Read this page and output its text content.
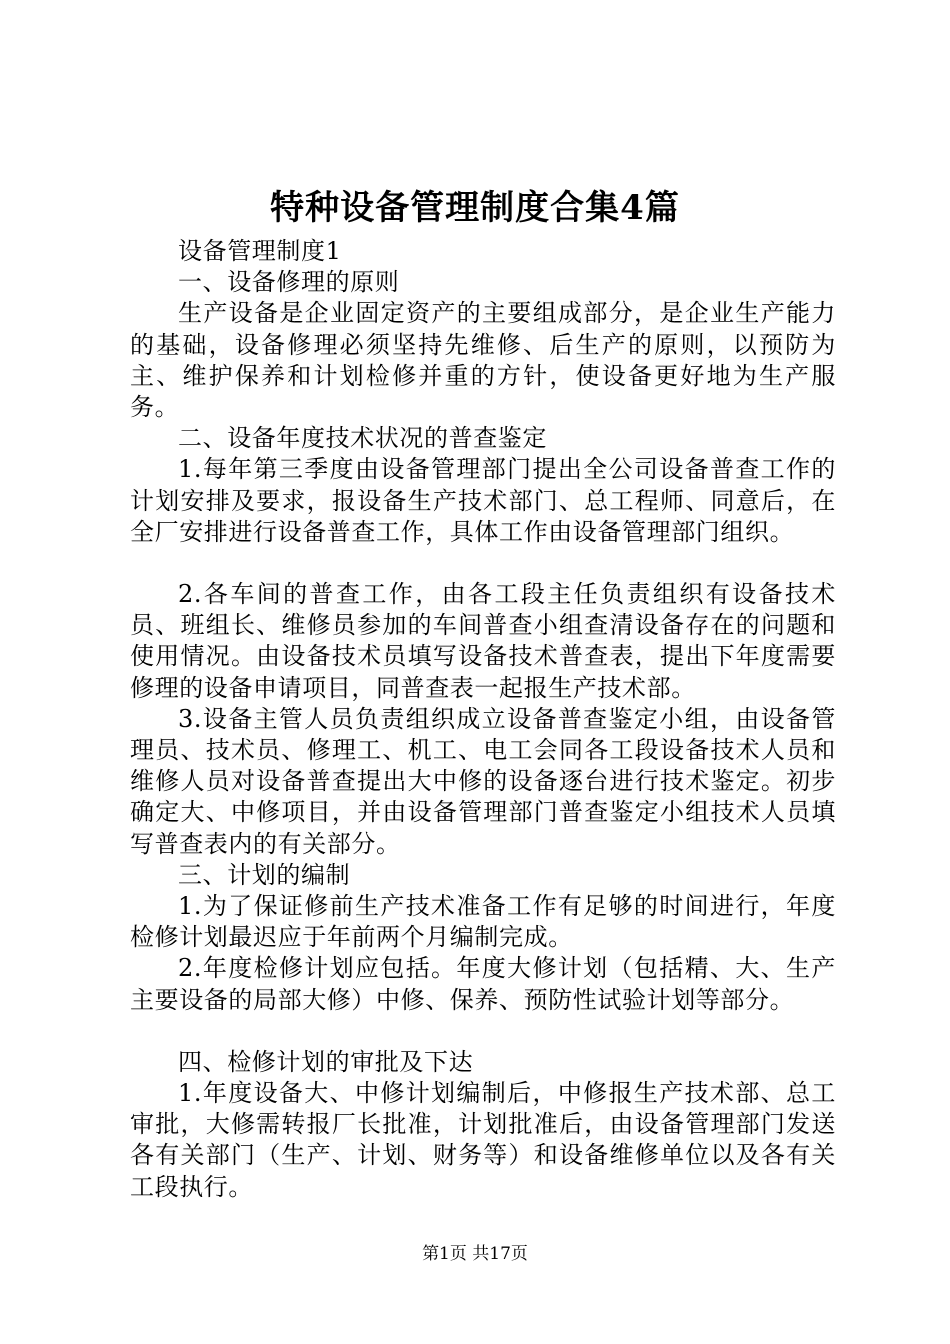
特种设备管理制度合集4篇

设备管理制度1

一、设备修理的原则

生产设备是企业固定资产的主要组成部分，是企业生产能力的基础，设备修理必须坚持先维修、后生产的原则，以预防为主、维护保养和计划检修并重的方针，使设备更好地为生产服务。

二、设备年度技术状况的普查鉴定

1.每年第三季度由设备管理部门提出全公司设备普查工作的计划安排及要求，报设备生产技术部门、总工程师、同意后，在全厂安排进行设备普查工作，具体工作由设备管理部门组织。

2.各车间的普查工作，由各工段主任负责组织有设备技术员、班组长、维修员参加的车间普查小组查清设备存在的问题和使用情况。由设备技术员填写设备技术普查表，提出下年度需要修理的设备申请项目，同普查表一起报生产技术部。

3.设备主管人员负责组织成立设备普查鉴定小组，由设备管理员、技术员、修理工、机工、电工会同各工段设备技术人员和维修人员对设备普查提出大中修的设备逐台进行技术鉴定。初步确定大、中修项目，并由设备管理部门普查鉴定小组技术人员填写普查表内的有关部分。

三、计划的编制

1.为了保证修前生产技术准备工作有足够的时间进行，年度检修计划最迟应于年前两个月编制完成。

2.年度检修计划应包括。年度大修计划（包括精、大、生产主要设备的局部大修）中修、保养、预防性试验计划等部分。

四、检修计划的审批及下达

1.年度设备大、中修计划编制后，中修报生产技术部、总工审批，大修需转报厂长批准，计划批准后，由设备管理部门发送各有关部门（生产、计划、财务等）和设备维修单位以及各有关工段执行。

第1页 共17页
